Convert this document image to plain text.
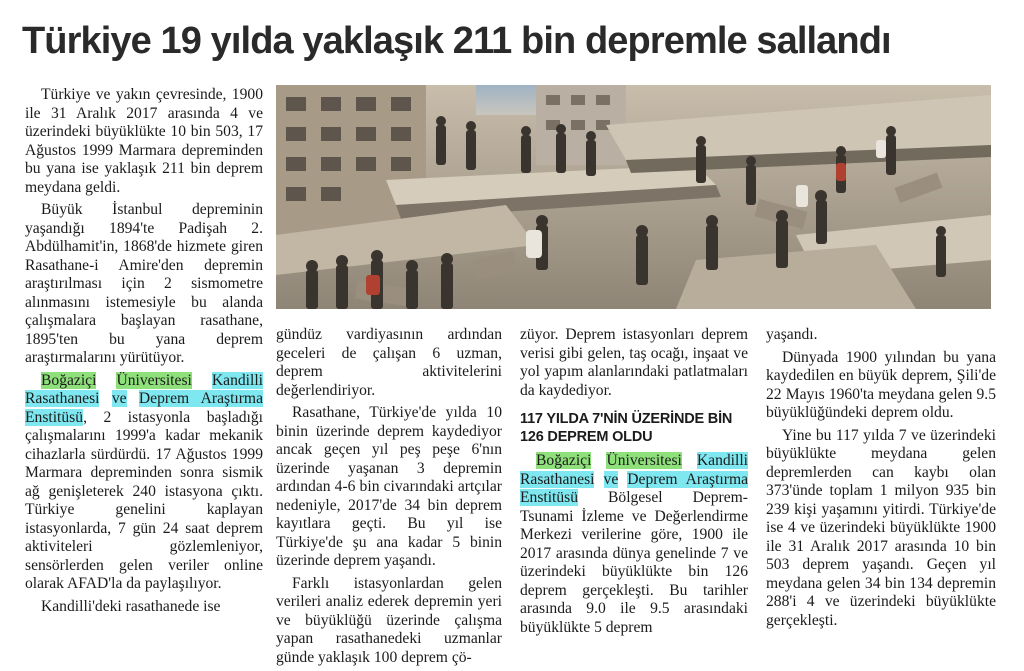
Türkiye 19 yılda yaklaşık 211 bin depremle sallandı

Türkiye ve yakın çevresinde, 1900 ile 31 Aralık 2017 arasında 4 ve üzerindeki büyüklükte 10 bin 503, 17 Ağustos 1999 Marmara depreminden bu yana ise yaklaşık 211 bin deprem meydana geldi.

Büyük İstanbul depreminin yaşandığı 1894'te Padişah 2. Abdülhamit'in, 1868'de hizmete giren Rasathane-i Amire'den depremin araştırılması için 2 sismometre alınmasını istemesiyle bu alanda çalışmalara başlayan rasathane, 1895'ten bu yana deprem araştırmalarını yürütüyor.

Boğaziçi Üniversitesi Kandilli Rasathanesi ve Deprem Araştırma Enstitüsü, 2 istasyonla başladığı çalışmalarını 1999'a kadar mekanik cihazlarla sürdürdü. 17 Ağustos 1999 Marmara depreminden sonra sismik ağ genişleterek 240 istasyona çıktı. Türkiye genelini kaplayan istasyonlarda, 7 gün 24 saat deprem aktiviteleri gözlemleniyor, sensörlerden gelen veriler online olarak AFAD'la da paylaşılıyor.

Kandilli'deki rasathanede ise

gündüz vardiyasının ardından geceleri de çalışan 6 uzman, deprem aktivitelerini değerlendiriyor.

Rasathane, Türkiye'de yılda 10 binin üzerinde deprem kaydediyor ancak geçen yıl peş peşe 6'nın üzerinde yaşanan 3 depremin ardından 4-6 bin civarındaki artçılar nedeniyle, 2017'de 34 bin deprem kayıtlara geçti. Bu yıl ise Türkiye'de şu ana kadar 5 binin üzerinde deprem yaşandı.

Farklı istasyonlardan gelen verileri analiz ederek depremin yeri ve büyüklüğü üzerinde çalışma yapan rasathanedeki uzmanlar günde yaklaşık 100 deprem çö-

züyor. Deprem istasyonları deprem verisi gibi gelen, taş ocağı, inşaat ve yol yapım alanlarındaki patlatmaları da kaydediyor.

117 YILDA 7'NİN ÜZERİNDE BİN 126 DEPREM OLDU

Boğaziçi Üniversitesi Kandilli Rasathanesi ve Deprem Araştırma Enstitüsü Bölgesel Deprem-Tsunami İzleme ve Değerlendirme Merkezi verilerine göre, 1900 ile 2017 arasında dünya genelinde 7 ve üzerindeki büyüklükte bin 126 deprem gerçekleşti. Bu tarihler arasında 9.0 ile 9.5 arasındaki büyüklükte 5 deprem

yaşandı.

Dünyada 1900 yılından bu yana kaydedilen en büyük deprem, Şili'de 22 Mayıs 1960'ta meydana gelen 9.5 büyüklüğündeki deprem oldu.

Yine bu 117 yılda 7 ve üzerindeki büyüklükte meydana gelen depremlerden can kaybı olan 373'ünde toplam 1 milyon 935 bin 239 kişi yaşamını yitirdi. Türkiye'de ise 4 ve üzerindeki büyüklükte 1900 ile 31 Aralık 2017 arasında 10 bin 503 deprem yaşandı. Geçen yıl meydana gelen 34 bin 134 depremin 288'i 4 ve üzerindeki büyüklükte gerçekleşti.
